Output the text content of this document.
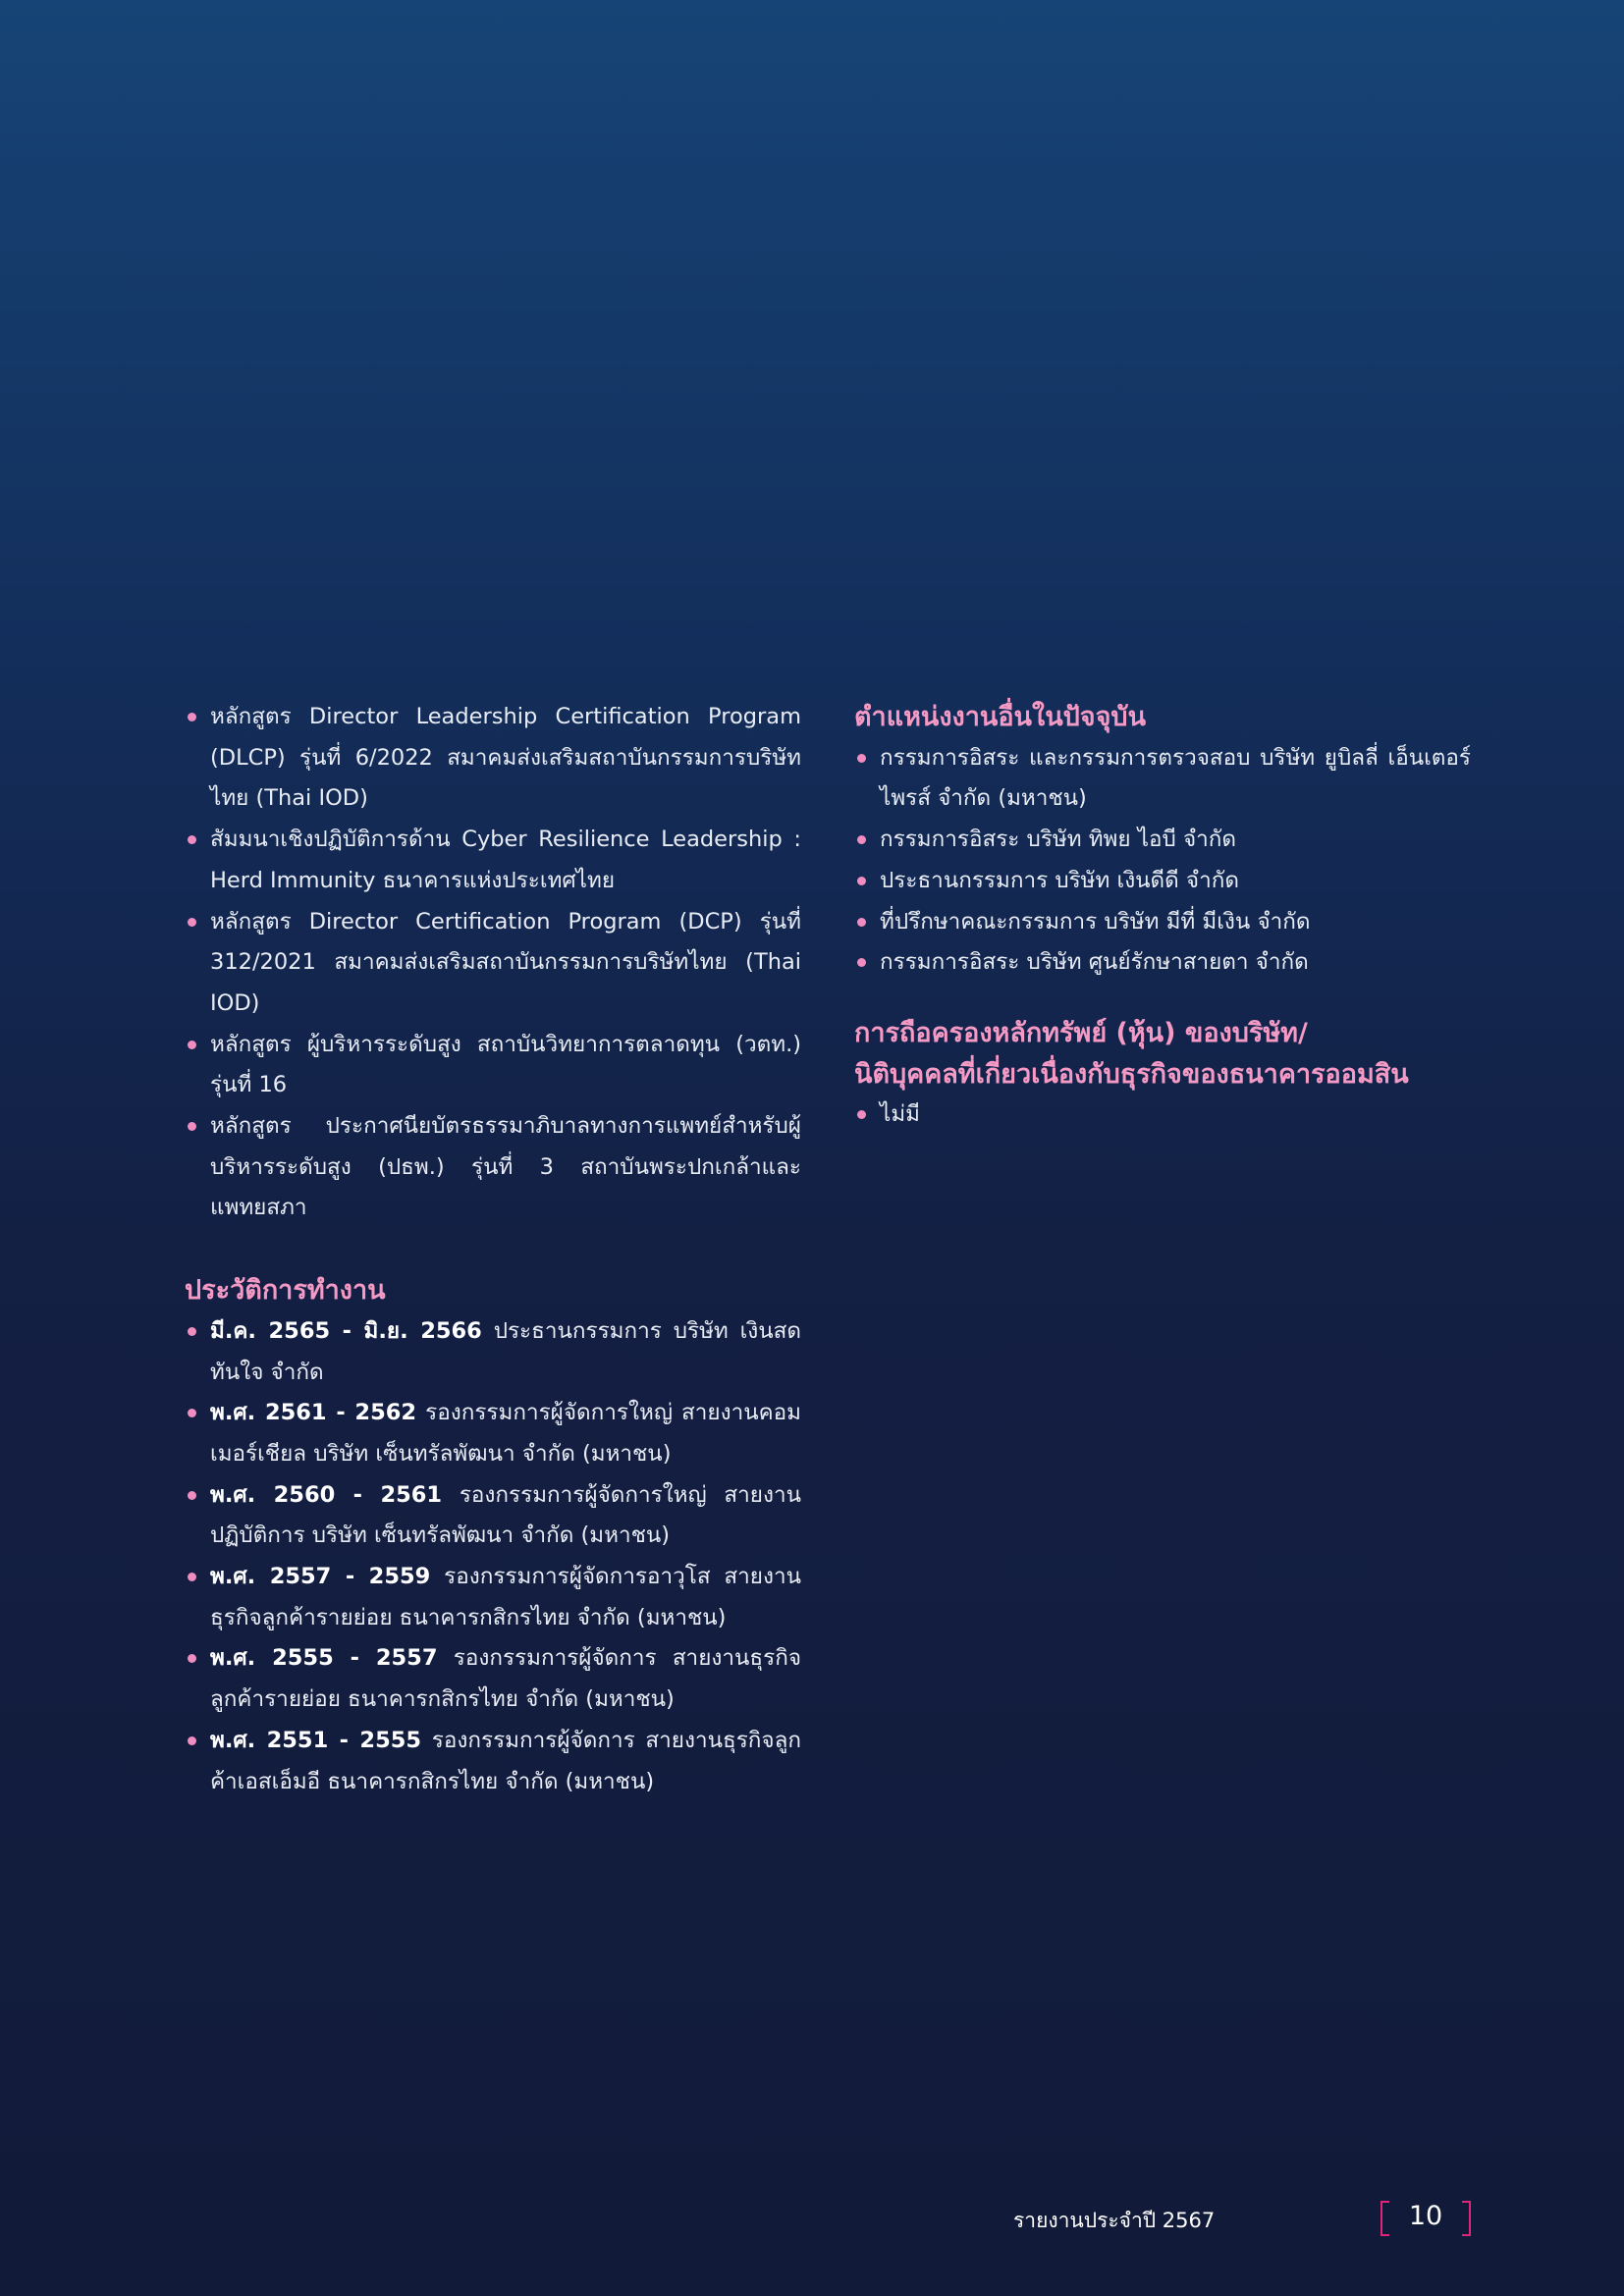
หลักสูตร Director Leadership Certification Program (DLCP) รุ่นที่ 6/2022 สมาคมส่งเสริมสถาบันกรรมการบริษัทไทย (Thai IOD)
สัมมนาเชิงปฏิบัติการด้าน Cyber Resilience Leadership : Herd Immunity ธนาคารแห่งประเทศไทย
หลักสูตร Director Certification Program (DCP) รุ่นที่ 312/2021 สมาคมส่งเสริมสถาบันกรรมการบริษัทไทย (Thai IOD)
หลักสูตร ผู้บริหารระดับสูง สถาบันวิทยาการตลาดทุน (วตท.) รุ่นที่ 16
หลักสูตร ประกาศนียบัตรธรรมาภิบาลทางการแพทย์สำหรับผู้บริหารระดับสูง (ปธพ.) รุ่นที่ 3 สถาบันพระปกเกล้าและแพทยสภา
ประวัติการทำงาน
มี.ค. 2565 - มิ.ย. 2566 ประธานกรรมการ บริษัท เงินสดทันใจ จำกัด
พ.ศ. 2561 - 2562 รองกรรมการผู้จัดการใหญ่ สายงานคอมเมอร์เชียล บริษัท เซ็นทรัลพัฒนา จำกัด (มหาชน)
พ.ศ. 2560 - 2561 รองกรรมการผู้จัดการใหญ่ สายงานปฏิบัติการ บริษัท เซ็นทรัลพัฒนา จำกัด (มหาชน)
พ.ศ. 2557 - 2559 รองกรรมการผู้จัดการอาวุโส สายงานธุรกิจลูกค้ารายย่อย ธนาคารกสิกรไทย จำกัด (มหาชน)
พ.ศ. 2555 - 2557 รองกรรมการผู้จัดการ สายงานธุรกิจลูกค้ารายย่อย ธนาคารกสิกรไทย จำกัด (มหาชน)
พ.ศ. 2551 - 2555 รองกรรมการผู้จัดการ สายงานธุรกิจลูกค้าเอสเอ็มอี ธนาคารกสิกรไทย จำกัด (มหาชน)
ตำแหน่งงานอื่นในปัจจุบัน
กรรมการอิสระ และกรรมการตรวจสอบ บริษัท ยูบิลลี่ เอ็นเตอร์ไพรส์ จำกัด (มหาชน)
กรรมการอิสระ บริษัท ทิพย ไอบี จำกัด
ประธานกรรมการ บริษัท เงินดีดี จำกัด
ที่ปรึกษาคณะกรรมการ บริษัท มีที่ มีเงิน จำกัด
กรรมการอิสระ บริษัท ศูนย์รักษาสายตา จำกัด
การถือครองหลักทรัพย์ (หุ้น) ของบริษัท/
นิติบุคคลที่เกี่ยวเนื่องกับธุรกิจของธนาคารออมสิน
ไม่มี
รายงานประจำปี 2567	10
